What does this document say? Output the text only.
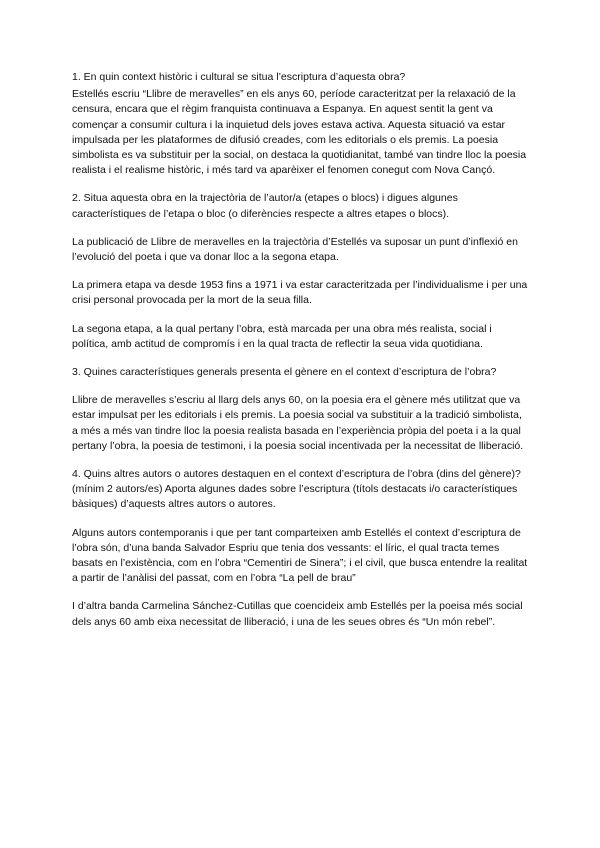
1. En quin context històric i cultural se situa l’escriptura d’aquesta obra?

Estellés escriu “Llibre de meravelles” en els anys 60, període caracteritzat per la relaxació de la censura, encara que el règim franquista continuava a Espanya. En aquest sentit la gent va començar a consumir cultura i la inquietud dels joves estava activa. Aquesta situació va estar impulsada per les plataformes de difusió creades, com les editorials o els premis. La poesia simbolista es va substituir per la social, on destaca la quotidianitat, també van tindre lloc la poesia realista i el realisme històric, i més tard va aparèixer el fenomen conegut com Nova Cançó.

2. Situa aquesta obra en la trajectòria de l’autor/a (etapes o blocs) i digues algunes característiques de l’etapa o bloc (o diferències respecte a altres etapes o blocs).

La publicació de Llibre de meravelles en la trajectòria d’Estellés va suposar un punt d’inflexió en l’evolució del poeta i que va donar lloc a la segona etapa.

La primera etapa va desde 1953 fins a 1971 i va estar caracteritzada per l’individualisme i per una crisi personal provocada per la mort de la seua filla.

La segona etapa, a la qual pertany l’obra, està marcada per una obra més realista, social i política, amb actitud de compromís i en la qual tracta de reflectir la seua vida quotidiana.

3. Quines característiques generals presenta el gènere en el context d’escriptura de l’obra?

Llibre de meravelles s’escriu al llarg dels anys 60, on la poesia era el gènere més utilitzat que va estar impulsat per les editorials i els premis. La poesia social va substituir a la tradició simbolista, a més a més van tindre lloc la poesia realista basada en l’experiència pròpia del poeta i a la qual pertany l’obra, la poesia de testimoni, i la poesia social incentivada per la necessitat de lliberació.

4. Quins altres autors o autores destaquen en el context d’escriptura de l’obra (dins del gènere)? (mínim 2 autors/es) Aporta algunes dades sobre l’escriptura (títols destacats i/o característiques bàsiques) d’aquests altres autors o autores.

Alguns autors contemporanis i que per tant comparteixen amb Estellés el context d’escriptura de l’obra són, d’una banda Salvador Espriu que tenia dos vessants: el líric, el qual tracta temes basats en l’existència, com en l’obra “Cementiri de Sinera”; i el civil, que busca entendre la realitat a partir de l’anàlisi del passat, com en l’obra “La pell de brau”

I d’altra banda Carmelina Sánchez-Cutillas que coencideix amb Estellés per la poeisa més social dels anys 60 amb eixa necessitat de lliberació, i una de les seues obres és “Un món rebel”.
